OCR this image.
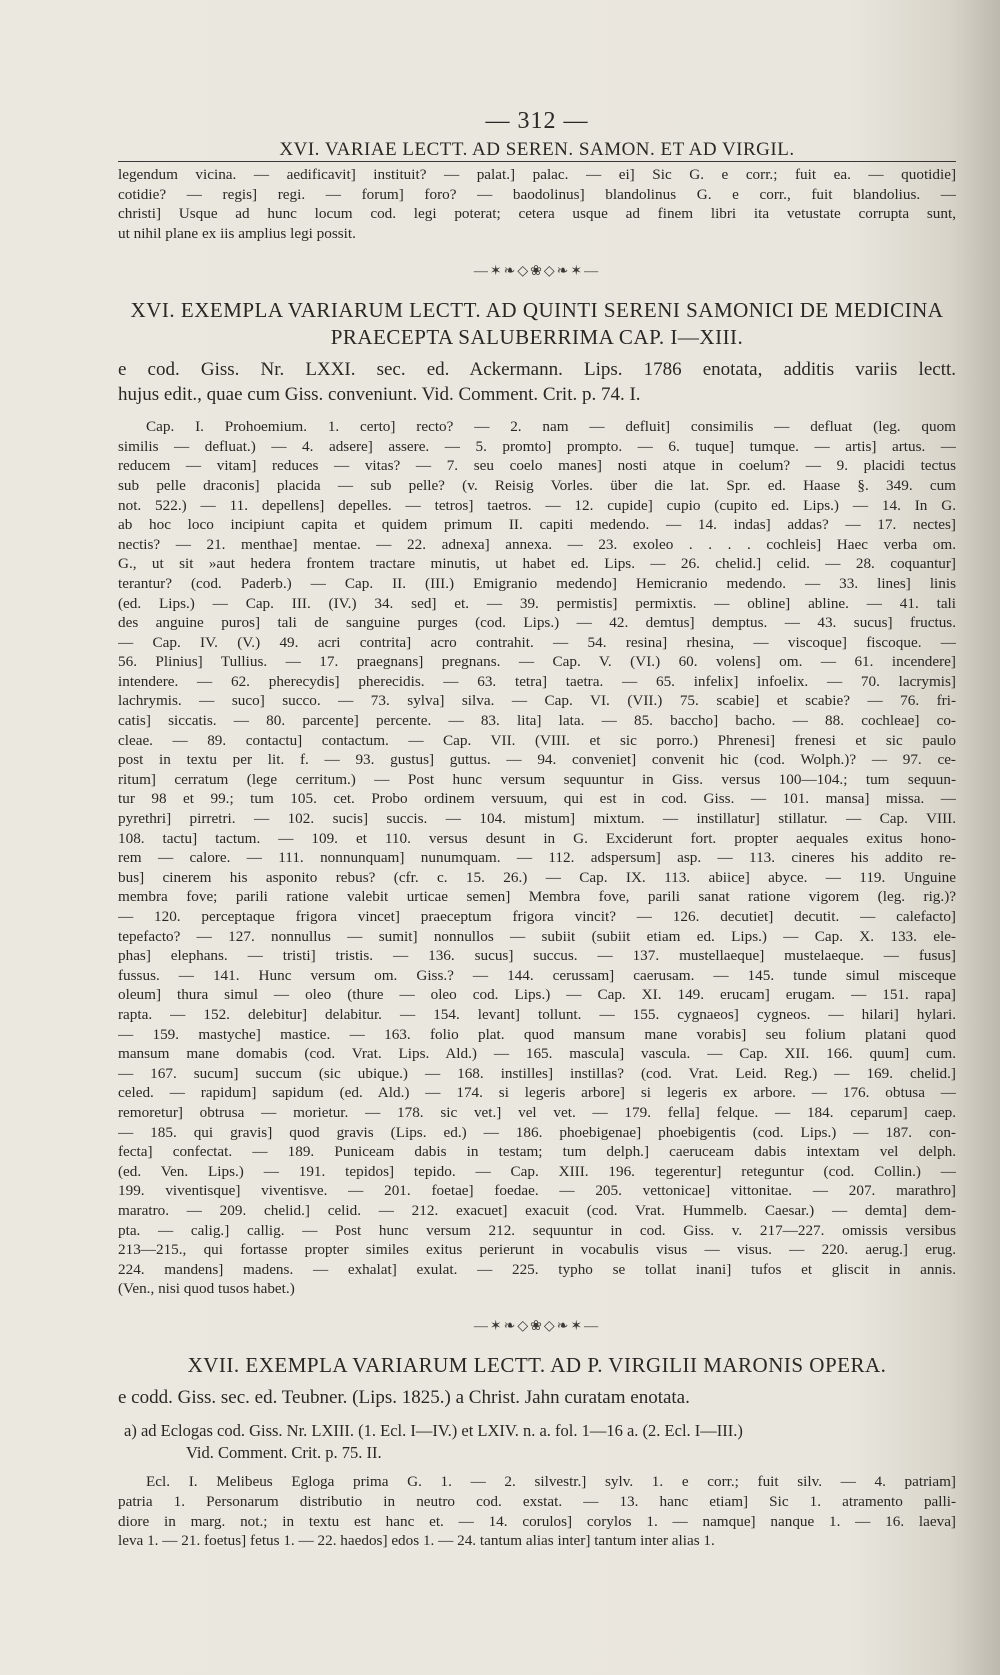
— 312 —
XVI. VARIAE LECTT. AD SEREN. SAMON. ET AD VIRGIL.
legendum vicina. — aedificavit] instituit? — palat.] palac. — ei] Sic G. e corr.; fuit ea. — quotidie]
cotidie? — regis] regi. — forum] foro? — baodolinus] blandolinus G. e corr., fuit blandolius. —
christi] Usque ad hunc locum cod. legi poterat; cetera usque ad finem libri ita vetustate corrupta sunt,
ut nihil plane ex iis amplius legi possit.
—✶❧◇❀◇❧✶—
XVI. EXEMPLA VARIARUM LECTT. AD QUINTI SERENI SAMONICI DE MEDICINA
PRAECEPTA SALUBERRIMA CAP. I—XIII.
e cod. Giss. Nr. LXXI. sec. ed. Ackermann. Lips. 1786 enotata, additis variis lectt.
hujus edit., quae cum Giss. conveniunt. Vid. Comment. Crit. p. 74. I.
Cap. I. Prohoemium. 1. certo] recto? — 2. nam — defluit] consimilis — defluat (leg. quom
similis — defluat.) — 4. adsere] assere. — 5. promto] prompto. — 6. tuque] tumque. — artis] artus. —
reducem — vitam] reduces — vitas? — 7. seu coelo manes] nosti atque in coelum? — 9. placidi tectus
sub pelle draconis] placida — sub pelle? (v. Reisig Vorles. über die lat. Spr. ed. Haase §. 349. cum
not. 522.) — 11. depellens] depelles. — tetros] taetros. — 12. cupide] cupio (cupito ed. Lips.) — 14. In G.
ab hoc loco incipiunt capita et quidem primum II. capiti medendo. — 14. indas] addas? — 17. nectes]
nectis? — 21. menthae] mentae. — 22. adnexa] annexa. — 23. exoleo . . . . cochleis] Haec verba om.
G., ut sit »aut hedera frontem tractare minutis, ut habet ed. Lips. — 26. chelid.] celid. — 28. coquantur]
terantur? (cod. Paderb.) — Cap. II. (III.) Emigranio medendo] Hemicranio medendo. — 33. lines] linis
(ed. Lips.) — Cap. III. (IV.) 34. sed] et. — 39. permistis] permixtis. — obline] abline. — 41. tali
des anguine puros] tali de sanguine purges (cod. Lips.) — 42. demtus] demptus. — 43. sucus] fructus.
— Cap. IV. (V.) 49. acri contrita] acro contrahit. — 54. resina] rhesina, — viscoque] fiscoque. —
56. Plinius] Tullius. — 17. praegnans] pregnans. — Cap. V. (VI.) 60. volens] om. — 61. incendere]
intendere. — 62. pherecydis] pherecidis. — 63. tetra] taetra. — 65. infelix] infoelix. — 70. lacrymis]
lachrymis. — suco] succo. — 73. sylva] silva. — Cap. VI. (VII.) 75. scabie] et scabie? — 76. fri-
catis] siccatis. — 80. parcente] percente. — 83. lita] lata. — 85. baccho] bacho. — 88. cochleae] co-
cleae. — 89. contactu] contactum. — Cap. VII. (VIII. et sic porro.) Phrenesi] frenesi et sic paulo
post in textu per lit. f. — 93. gustus] guttus. — 94. conveniet] convenit hic (cod. Wolph.)? — 97. ce-
ritum] cerratum (lege cerritum.) — Post hunc versum sequuntur in Giss. versus 100—104.; tum sequun-
tur 98 et 99.; tum 105. cet. Probo ordinem versuum, qui est in cod. Giss. — 101. mansa] missa. —
pyrethri] pirretri. — 102. sucis] succis. — 104. mistum] mixtum. — instillatur] stillatur. — Cap. VIII.
108. tactu] tactum. — 109. et 110. versus desunt in G. Exciderunt fort. propter aequales exitus hono-
rem — calore. — 111. nonnunquam] nunumquam. — 112. adspersum] asp. — 113. cineres his addito re-
bus] cinerem his asponito rebus? (cfr. c. 15. 26.) — Cap. IX. 113. abiice] abyce. — 119. Unguine
membra fove; parili ratione valebit urticae semen] Membra fove, parili sanat ratione vigorem (leg. rig.)?
— 120. perceptaque frigora vincet] praeceptum frigora vincit? — 126. decutiet] decutit. — calefacto]
tepefacto? — 127. nonnullus — sumit] nonnullos — subiit (subiit etiam ed. Lips.) — Cap. X. 133. ele-
phas] elephans. — tristi] tristis. — 136. sucus] succus. — 137. mustellaeque] mustelaeque. — fusus]
fussus. — 141. Hunc versum om. Giss.? — 144. cerussam] caerusam. — 145. tunde simul misceque
oleum] thura simul — oleo (thure — oleo cod. Lips.) — Cap. XI. 149. erucam] erugam. — 151. rapa]
rapta. — 152. delebitur] delabitur. — 154. levant] tollunt. — 155. cygnaeos] cygneos. — hilari] hylari.
— 159. mastyche] mastice. — 163. folio plat. quod mansum mane vorabis] seu folium platani quod
mansum mane domabis (cod. Vrat. Lips. Ald.) — 165. mascula] vascula. — Cap. XII. 166. quum] cum.
— 167. sucum] succum (sic ubique.) — 168. instilles] instillas? (cod. Vrat. Leid. Reg.) — 169. chelid.]
celed. — rapidum] sapidum (ed. Ald.) — 174. si legeris arbore] si legeris ex arbore. — 176. obtusa —
remoretur] obtrusa — morietur. — 178. sic vet.] vel vet. — 179. fella] felque. — 184. ceparum] caep.
— 185. qui gravis] quod gravis (Lips. ed.) — 186. phoebigenae] phoebigentis (cod. Lips.) — 187. con-
fecta] confectat. — 189. Puniceam dabis in testam; tum delph.] caeruceam dabis intextam vel delph.
(ed. Ven. Lips.) — 191. tepidos] tepido. — Cap. XIII. 196. tegerentur] reteguntur (cod. Collin.) —
199. viventisque] viventisve. — 201. foetae] foedae. — 205. vettonicae] vittonitae. — 207. marathro]
maratro. — 209. chelid.] celid. — 212. exacuet] exacuit (cod. Vrat. Hummelb. Caesar.) — demta] dem-
pta. — calig.] callig. — Post hunc versum 212. sequuntur in cod. Giss. v. 217—227. omissis versibus
213—215., qui fortasse propter similes exitus perierunt in vocabulis visus — visus. — 220. aerug.] erug.
224. mandens] madens. — exhalat] exulat. — 225. typho se tollat inani] tufos et gliscit in annis.
(Ven., nisi quod tusos habet.)
—✶❧◇❀◇❧✶—
XVII. EXEMPLA VARIARUM LECTT. AD P. VIRGILII MARONIS OPERA.
e codd. Giss. sec. ed. Teubner. (Lips. 1825.) a Christ. Jahn curatam enotata.
a) ad Eclogas cod. Giss. Nr. LXIII. (1. Ecl. I—IV.) et LXIV. n. a. fol. 1—16 a. (2. Ecl. I—III.)
Vid. Comment. Crit. p. 75. II.
Ecl. I. Melibeus Egloga prima G. 1. — 2. silvestr.] sylv. 1. e corr.; fuit silv. — 4. patriam]
patria 1. Personarum distributio in neutro cod. exstat. — 13. hanc etiam] Sic 1. atramento palli-
diore in marg. not.; in textu est hanc et. — 14. corulos] corylos 1. — namque] nanque 1. — 16. laeva]
leva 1. — 21. foetus] fetus 1. — 22. haedos] edos 1. — 24. tantum alias inter] tantum inter alias 1.
